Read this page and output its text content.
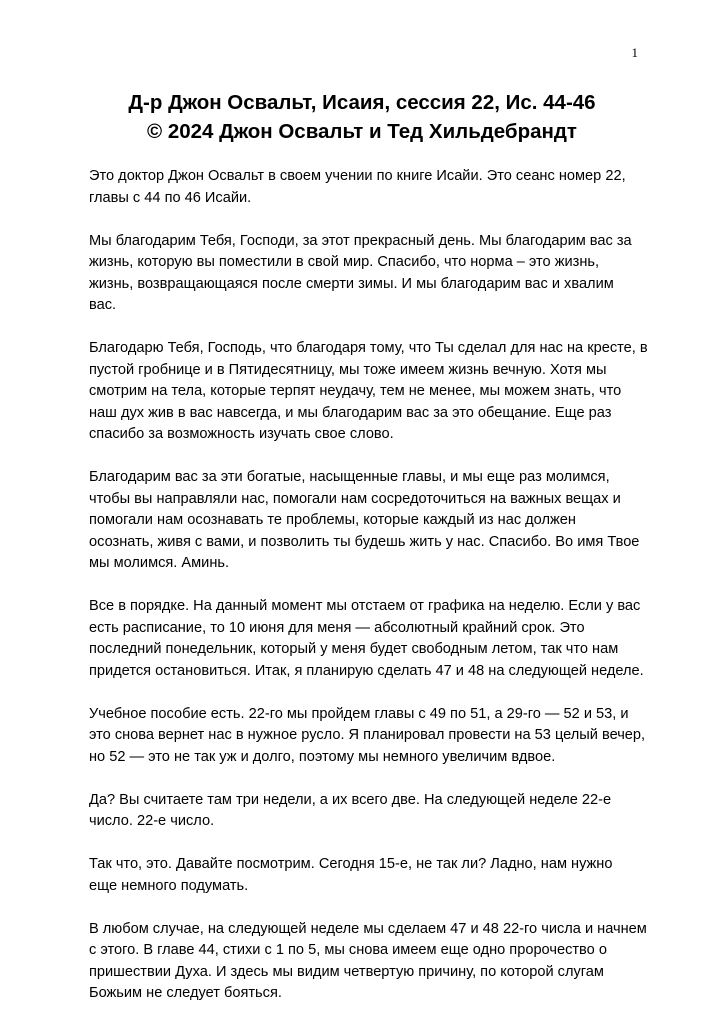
1
Д-р Джон Освальт, Исаия, сессия 22, Ис. 44-46
© 2024 Джон Освальт и Тед Хильдебрандт

Это доктор Джон Освальт в своем учении по книге Исайи. Это сеанс номер 22,
главы с 44 по 46 Исайи.

Мы благодарим Тебя, Господи, за этот прекрасный день. Мы благодарим вас за
жизнь, которую вы поместили в свой мир. Спасибо, что норма – это жизнь,
жизнь, возвращающаяся после смерти зимы. И мы благодарим вас и хвалим
вас.

Благодарю Тебя, Господь, что благодаря тому, что Ты сделал для нас на кресте, в
пустой гробнице и в Пятидесятницу, мы тоже имеем жизнь вечную. Хотя мы
смотрим на тела, которые терпят неудачу, тем не менее, мы можем знать, что
наш дух жив в вас навсегда, и мы благодарим вас за это обещание. Еще раз
спасибо за возможность изучать свое слово.

Благодарим вас за эти богатые, насыщенные главы, и мы еще раз молимся,
чтобы вы направляли нас, помогали нам сосредоточиться на важных вещах и
помогали нам осознавать те проблемы, которые каждый из нас должен
осознать, живя с вами, и позволить ты будешь жить у нас. Спасибо. Во имя Твое
мы молимся. Аминь.

Все в порядке. На данный момент мы отстаем от графика на неделю. Если у вас
есть расписание, то 10 июня для меня — абсолютный крайний срок. Это
последний понедельник, который у меня будет свободным летом, так что нам
придется остановиться. Итак, я планирую сделать 47 и 48 на следующей неделе.

Учебное пособие есть. 22-го мы пройдем главы с 49 по 51, а 29-го — 52 и 53, и
это снова вернет нас в нужное русло. Я планировал провести на 53 целый вечер,
но 52 — это не так уж и долго, поэтому мы немного увеличим вдвое.

Да? Вы считаете там три недели, а их всего две. На следующей неделе 22-е
число. 22-е число.

Так что, это. Давайте посмотрим. Сегодня 15-е, не так ли? Ладно, нам нужно
еще немного подумать.

В любом случае, на следующей неделе мы сделаем 47 и 48 22-го числа и начнем
с этого. В главе 44, стихи с 1 по 5, мы снова имеем еще одно пророчество о
пришествии Духа. И здесь мы видим четвертую причину, по которой слугам
Божьим не следует бояться.
